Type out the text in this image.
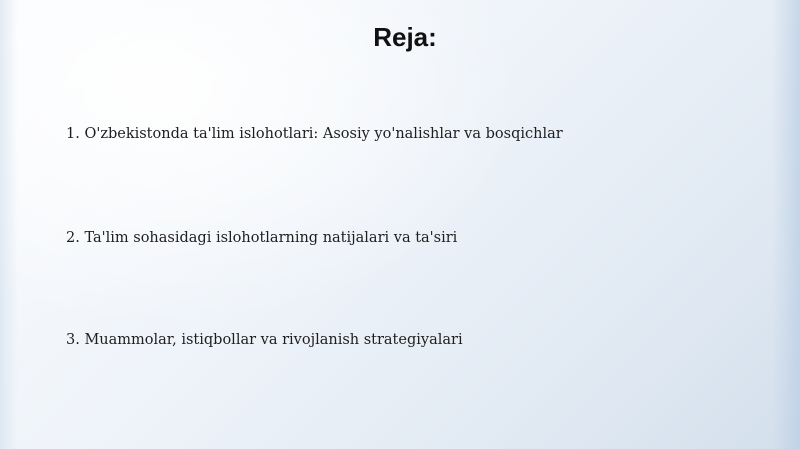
Reja:
1. O'zbekistonda ta'lim islohotlari: Asosiy yo'nalishlar va bosqichlar
2. Ta'lim sohasidagi islohotlarning natijalari va ta'siri
3. Muammolar, istiqbollar va rivojlanish strategiyalari
